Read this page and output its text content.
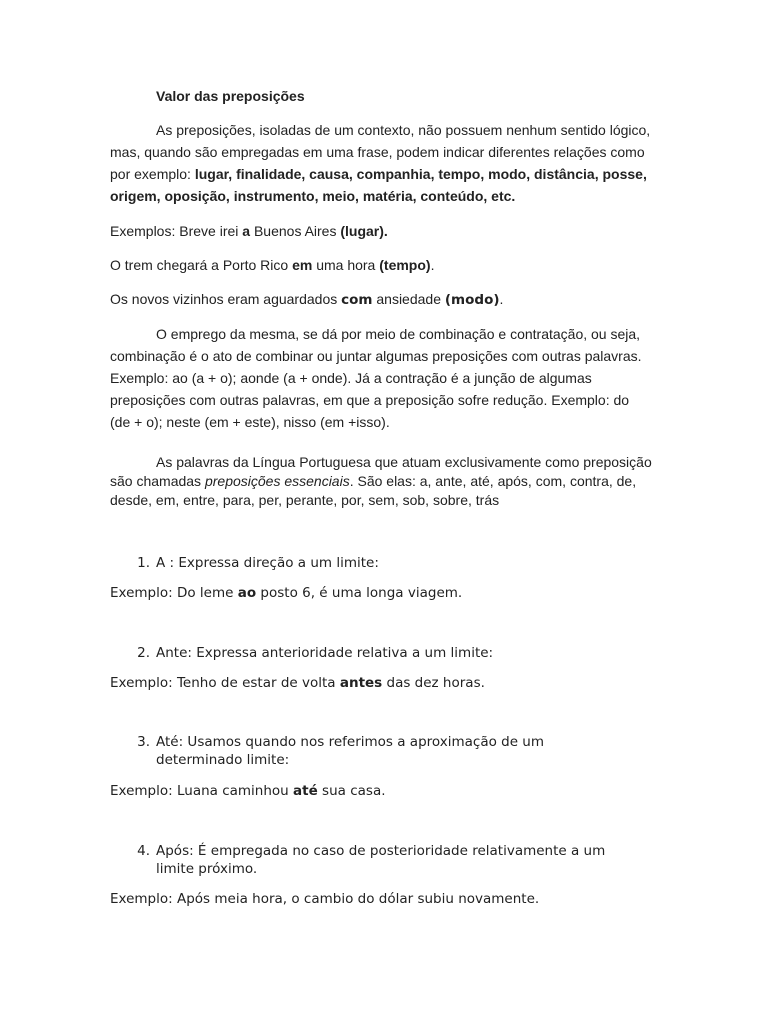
Valor das preposições
As preposições, isoladas de um contexto, não possuem nenhum sentido lógico,
mas, quando são empregadas em uma frase, podem indicar diferentes relações como
por exemplo: lugar, finalidade, causa, companhia, tempo, modo, distância, posse,
origem, oposição, instrumento, meio, matéria, conteúdo, etc.
Exemplos: Breve irei a Buenos Aires (lugar).
O trem chegará a Porto Rico em uma hora (tempo).
Os novos vizinhos eram aguardados com ansiedade (modo).
O emprego da mesma, se dá por meio de combinação e contratação, ou seja,
combinação é o ato de combinar ou juntar algumas preposições com outras palavras.
Exemplo: ao (a + o); aonde (a + onde). Já a contração é a junção de algumas
preposições com outras palavras, em que a preposição sofre redução. Exemplo: do
(de + o); neste (em + este), nisso (em +isso).
As palavras da Língua Portuguesa que atuam exclusivamente como preposição
são chamadas preposições essenciais. São elas: a, ante, até, após, com, contra, de,
desde, em, entre, para, per, perante, por, sem, sob, sobre, trás
1. A : Expressa direção a um limite:
Exemplo: Do leme ao posto 6, é uma longa viagem.
2. Ante: Expressa anterioridade relativa a um limite:
Exemplo: Tenho de estar de volta antes das dez horas.
3. Até: Usamos quando nos referimos a aproximação de um
determinado limite:
Exemplo: Luana caminhou até sua casa.
4. Após: É empregada no caso de posterioridade relativamente a um
limite próximo.
Exemplo: Após meia hora, o cambio do dólar subiu novamente.
